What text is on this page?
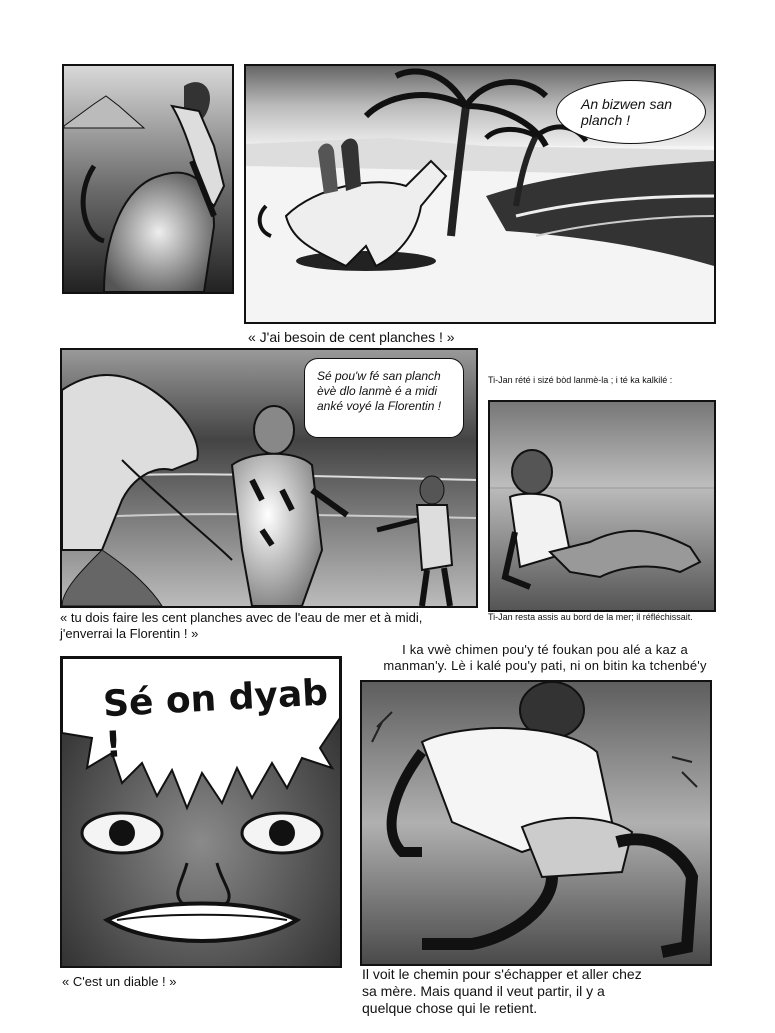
An bizwen san planch !
« J'ai besoin de cent planches ! »
Sé pou'w fé san planch èvè dlo lanmè é a midi anké voyé la Florentin !
Ti-Jan rété i sizé bòd lanmè-la ; i té ka kalkilé :
Ti-Jan resta assis au bord de la mer; il réfléchissait.
« tu dois faire les cent planches avec de l'eau de mer et à midi,
j'enverrai la Florentin ! »
I ka vwè chimen pou'y té foukan pou alé a kaz a
manman'y. Lè i kalé pou'y pati, ni on bitin ka tchenbé'y
Sé on dyab !
« C'est un diable ! »	Il voit le chemin pour s'échapper et aller chez
sa mère. Mais quand il veut partir, il y a
quelque chose qui le retient.
